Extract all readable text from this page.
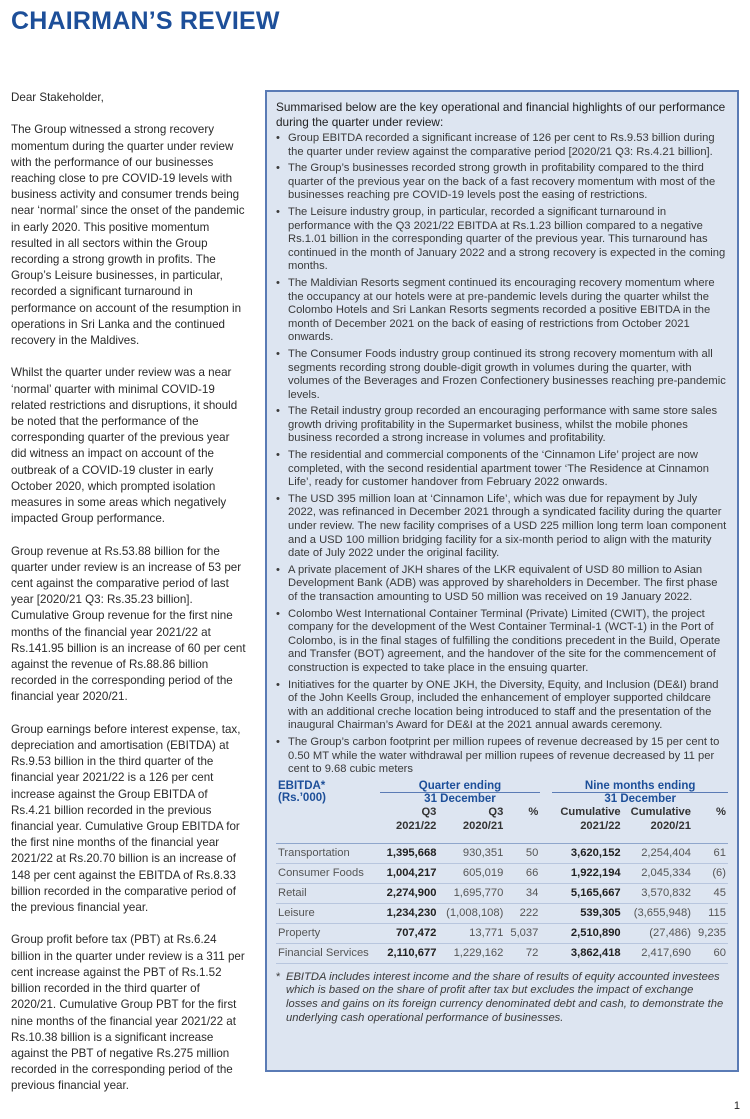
CHAIRMAN’S REVIEW

Dear Stakeholder,

The Group witnessed a strong recovery momentum during the quarter under review with the performance of our businesses reaching close to pre COVID-19 levels with business activity and consumer trends being near ‘normal’ since the onset of the pandemic in early 2020. This positive momentum resulted in all sectors within the Group recording a strong growth in profits. The Group’s Leisure businesses, in particular, recorded a significant turnaround in performance on account of the resumption in operations in Sri Lanka and the continued recovery in the Maldives.

Whilst the quarter under review was a near ‘normal’ quarter with minimal COVID-19 related restrictions and disruptions, it should be noted that the performance of the corresponding quarter of the previous year did witness an impact on account of the outbreak of a COVID-19 cluster in early October 2020, which prompted isolation measures in some areas which negatively impacted Group performance.

Group revenue at Rs.53.88 billion for the quarter under review is an increase of 53 per cent against the comparative period of last year [2020/21 Q3: Rs.35.23 billion]. Cumulative Group revenue for the first nine months of the financial year 2021/22 at Rs.141.95 billion is an increase of 60 per cent against the revenue of Rs.88.86 billion recorded in the corresponding period of the financial year 2020/21.

Group earnings before interest expense, tax, depreciation and amortisation (EBITDA) at Rs.9.53 billion in the third quarter of the financial year 2021/22 is a 126 per cent increase against the Group EBITDA of Rs.4.21 billion recorded in the previous financial year. Cumulative Group EBITDA for the first nine months of the financial year 2021/22 at Rs.20.70 billion is an increase of 148 per cent against the EBITDA of Rs.8.33 billion recorded in the comparative period of the previous financial year.

Group profit before tax (PBT) at Rs.6.24 billion in the quarter under review is a 311 per cent increase against the PBT of Rs.1.52 billion recorded in the third quarter of 2020/21. Cumulative Group PBT for the first nine months of the financial year 2021/22 at Rs.10.38 billion is a significant increase against the PBT of negative Rs.275 million recorded in the corresponding period of the previous financial year.

Summarised below are the key operational and financial highlights of our performance during the quarter under review:

• Group EBITDA recorded a significant increase of 126 per cent to Rs.9.53 billion during the quarter under review against the comparative period [2020/21 Q3: Rs.4.21 billion].
• The Group’s businesses recorded strong growth in profitability compared to the third quarter of the previous year on the back of a fast recovery momentum with most of the businesses reaching pre COVID-19 levels post the easing of restrictions.
• The Leisure industry group, in particular, recorded a significant turnaround in performance with the Q3 2021/22 EBITDA at Rs.1.23 billion compared to a negative Rs.1.01 billion in the corresponding quarter of the previous year. This turnaround has continued in the month of January 2022 and a strong recovery is expected in the coming months.
• The Maldivian Resorts segment continued its encouraging recovery momentum where the occupancy at our hotels were at pre-pandemic levels during the quarter whilst the Colombo Hotels and Sri Lankan Resorts segments recorded a positive EBITDA in the month of December 2021 on the back of easing of restrictions from October 2021 onwards.
• The Consumer Foods industry group continued its strong recovery momentum with all segments recording strong double-digit growth in volumes during the quarter, with volumes of the Beverages and Frozen Confectionery businesses reaching pre-pandemic levels.
• The Retail industry group recorded an encouraging performance with same store sales growth driving profitability in the Supermarket business, whilst the mobile phones business recorded a strong increase in volumes and profitability.
• The residential and commercial components of the ‘Cinnamon Life’ project are now completed, with the second residential apartment tower ‘The Residence at Cinnamon Life’, ready for customer handover from February 2022 onwards.
• The USD 395 million loan at ‘Cinnamon Life’, which was due for repayment by July 2022, was refinanced in December 2021 through a syndicated facility during the quarter under review. The new facility comprises of a USD 225 million long term loan component and a USD 100 million bridging facility for a six-month period to align with the maturity date of July 2022 under the original facility.
• A private placement of JKH shares of the LKR equivalent of USD 80 million to Asian Development Bank (ADB) was approved by shareholders in December. The first phase of the transaction amounting to USD 50 million was received on 19 January 2022.
• Colombo West International Container Terminal (Private) Limited (CWIT), the project company for the development of the West Container Terminal-1 (WCT-1) in the Port of Colombo, is in the final stages of fulfilling the conditions precedent in the Build, Operate and Transfer (BOT) agreement, and the handover of the site for the commencement of construction is expected to take place in the ensuing quarter.
• Initiatives for the quarter by ONE JKH, the Diversity, Equity, and Inclusion (DE&I) brand of the John Keells Group, included the enhancement of employer supported childcare with an additional creche location being introduced to staff and the presentation of the inaugural Chairman’s Award for DE&I at the 2021 annual awards ceremony.
• The Group’s carbon footprint per million rupees of revenue decreased by 15 per cent to 0.50 MT while the water withdrawal per million rupees of revenue decreased by 11 per cent to 9.68 cubic meters
EBITDA*	Quarter ending				Nine months ending		
(Rs.’000)	31 December				31 December		
	Q3	Q3	%		Cumulative	Cumulative	%
	2021/22	2020/21			2021/22	2020/21	

Transportation	1,395,668	930,351	50		3,620,152	2,254,404	61
Consumer Foods	1,004,217	605,019	66		1,922,194	2,045,334	(6)
Retail	2,274,900	1,695,770	34		5,165,667	3,570,832	45
Leisure	1,234,230	(1,008,108)	222		539,305	(3,655,948)	115
Property	707,472	13,771	5,037		2,510,890	(27,486)	9,235
Financial Services	2,110,677	1,229,162	72		3,862,418	2,417,690	60
* EBITDA includes interest income and the share of results of equity accounted investees which is based on the share of profit after tax but excludes the impact of exchange losses and gains on its foreign currency denominated debt and cash, to demonstrate the underlying cash operational performance of businesses.
1
